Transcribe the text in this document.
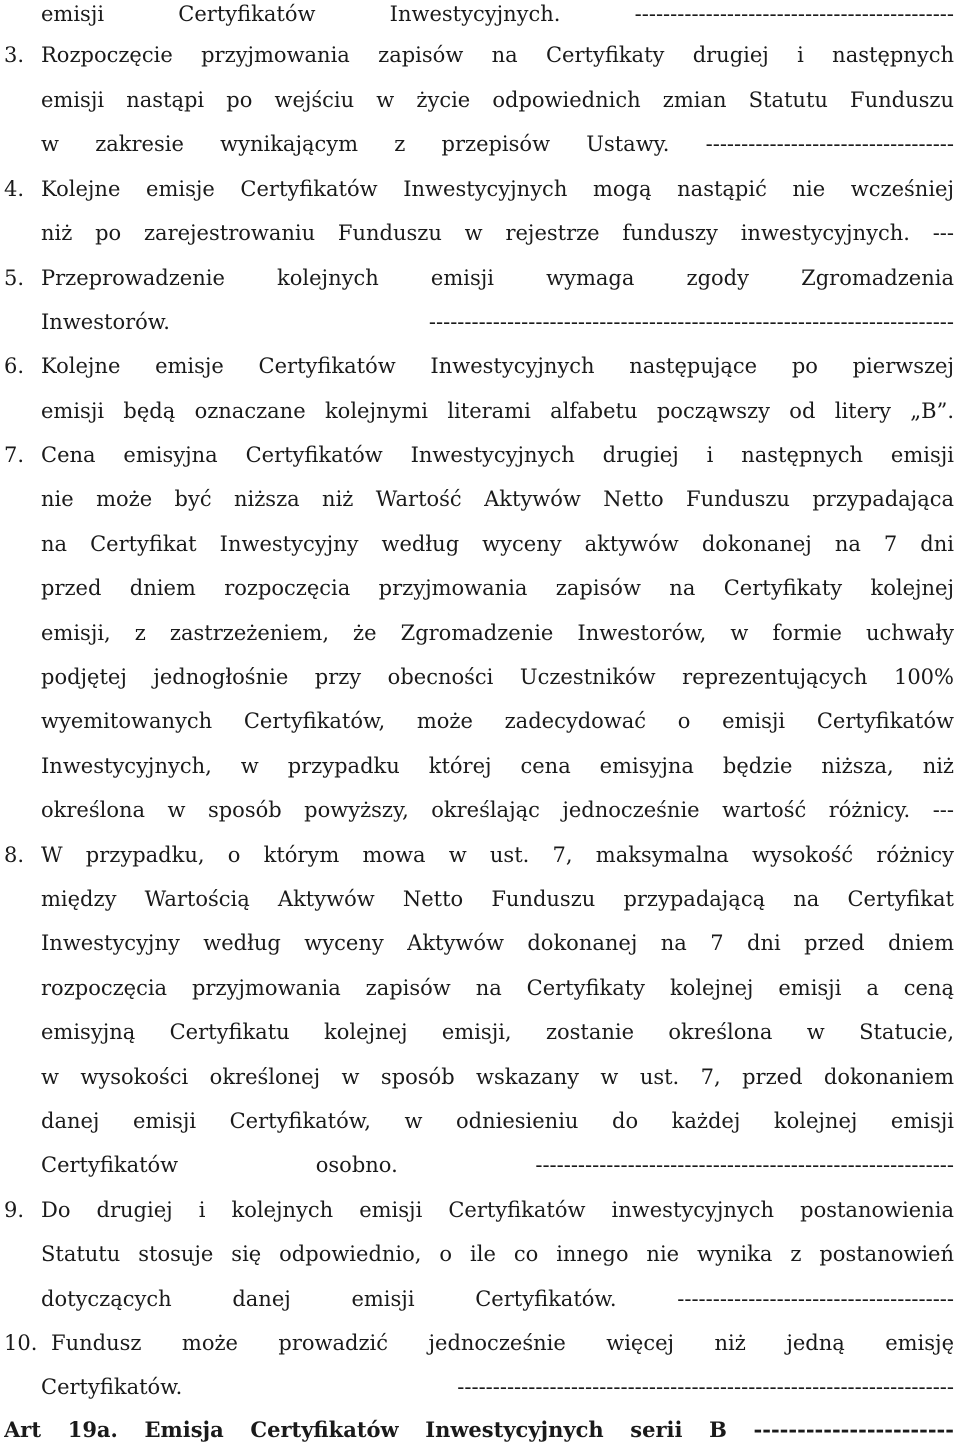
emisji Certyfikatów Inwestycyjnych. ---------------------------------------------
3. Rozpoczęcie przyjmowania zapisów na Certyfikaty drugiej i następnych
emisji nastąpi po wejściu w życie odpowiednich zmian Statutu Funduszu
w zakresie wynikającym z przepisów Ustawy. -----------------------------------
4. Kolejne emisje Certyfikatów Inwestycyjnych mogą nastąpić nie wcześniej
niż po zarejestrowaniu Funduszu w rejestrze funduszy inwestycyjnych. ---
5. Przeprowadzenie kolejnych emisji wymaga zgody Zgromadzenia
Inwestorów. --------------------------------------------------------------------------
6. Kolejne emisje Certyfikatów Inwestycyjnych następujące po pierwszej
emisji będą oznaczane kolejnymi literami alfabetu począwszy od litery „B”.
7. Cena emisyjna Certyfikatów Inwestycyjnych drugiej i następnych emisji
nie może być niższa niż Wartość Aktywów Netto Funduszu przypadająca
na Certyfikat Inwestycyjny według wyceny aktywów dokonanej na 7 dni
przed dniem rozpoczęcia przyjmowania zapisów na Certyfikaty kolejnej
emisji, z zastrzeżeniem, że Zgromadzenie Inwestorów, w formie uchwały
podjętej jednogłośnie przy obecności Uczestników reprezentujących 100%
wyemitowanych Certyfikatów, może zadecydować o emisji Certyfikatów
Inwestycyjnych, w przypadku której cena emisyjna będzie niższa, niż
określona w sposób powyższy, określając jednocześnie wartość różnicy. ---
8. W przypadku, o którym mowa w ust. 7, maksymalna wysokość różnicy
między Wartością Aktywów Netto Funduszu przypadającą na Certyfikat
Inwestycyjny według wyceny Aktywów dokonanej na 7 dni przed dniem
rozpoczęcia przyjmowania zapisów na Certyfikaty kolejnej emisji a ceną
emisyjną Certyfikatu kolejnej emisji, zostanie określona w Statucie,
w wysokości określonej w sposób wskazany w ust. 7, przed dokonaniem
danej emisji Certyfikatów, w odniesieniu do każdej kolejnej emisji
Certyfikatów osobno. -----------------------------------------------------------
9. Do drugiej i kolejnych emisji Certyfikatów inwestycyjnych postanowienia
Statutu stosuje się odpowiednio, o ile co innego nie wynika z postanowień
dotyczących danej emisji Certyfikatów. ---------------------------------------
10. Fundusz może prowadzić jednocześnie więcej niż jedną emisję
Certyfikatów. ----------------------------------------------------------------------
Art 19a. Emisja Certyfikatów Inwestycyjnych serii B -----------------------
